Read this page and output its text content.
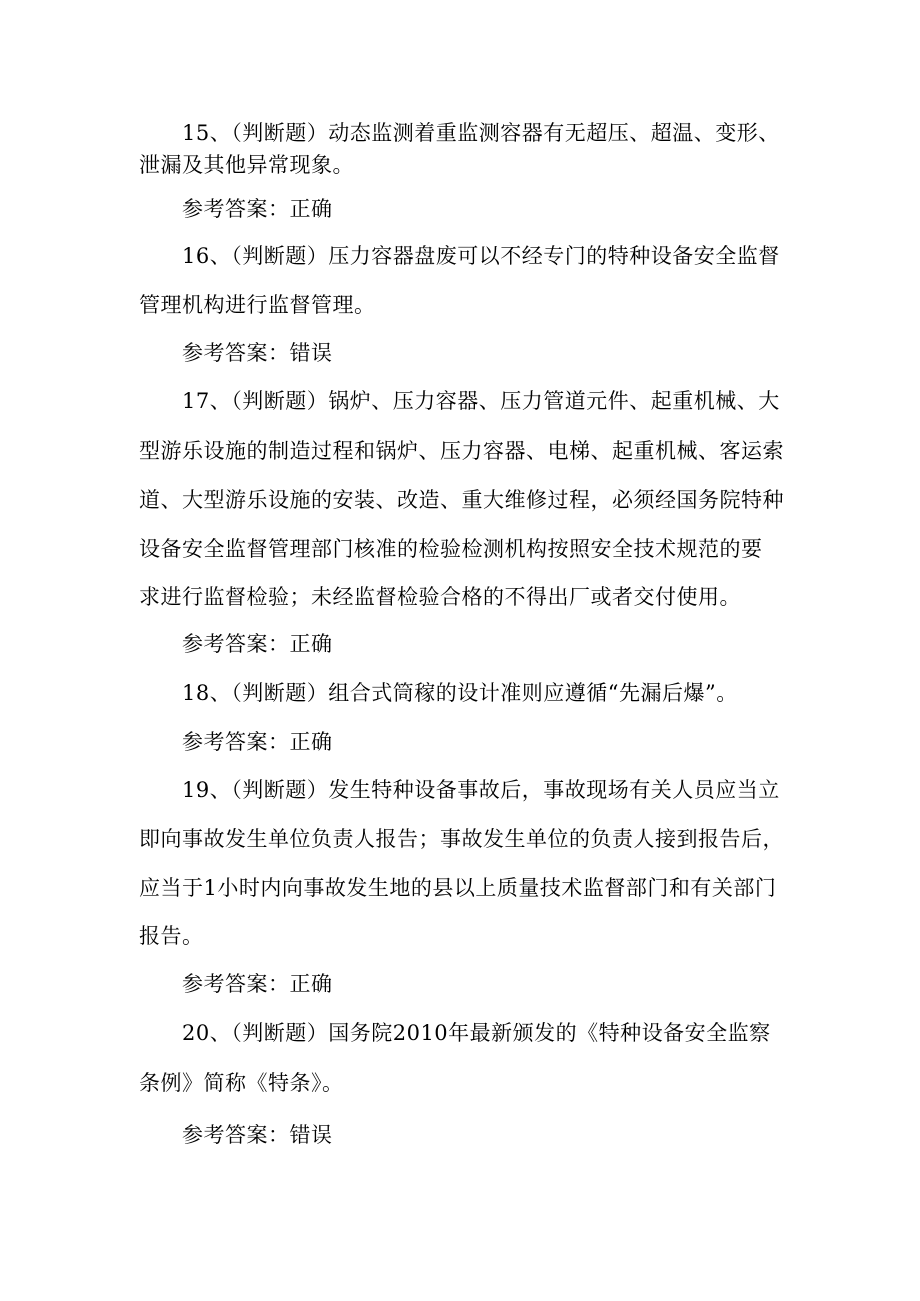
15、（判断题）动态监测着重监测容器有无超压、超温、变形、
泄漏及其他异常现象。
参考答案：正确
16、（判断题）压力容器盘废可以不经专门的特种设备安全监督
管理机构进行监督管理。
参考答案：错误
17、（判断题）锅炉、压力容器、压力管道元件、起重机械、大
型游乐设施的制造过程和锅炉、压力容器、电梯、起重机械、客运索
道、大型游乐设施的安装、改造、重大维修过程，必须经国务院特种
设备安全监督管理部门核准的检验检测机构按照安全技术规范的要
求进行监督检验；未经监督检验合格的不得出厂或者交付使用。
参考答案：正确
18、（判断题）组合式筒稼的设计准则应遵循“先漏后爆”。
参考答案：正确
19、（判断题）发生特种设备事故后，事故现场有关人员应当立
即向事故发生单位负责人报告；事故发生单位的负责人接到报告后，
应当于1小时内向事故发生地的县以上质量技术监督部门和有关部门
报告。
参考答案：正确
20、（判断题）国务院2010年最新颁发的《特种设备安全监察
条例》简称《特条》。
参考答案：错误
